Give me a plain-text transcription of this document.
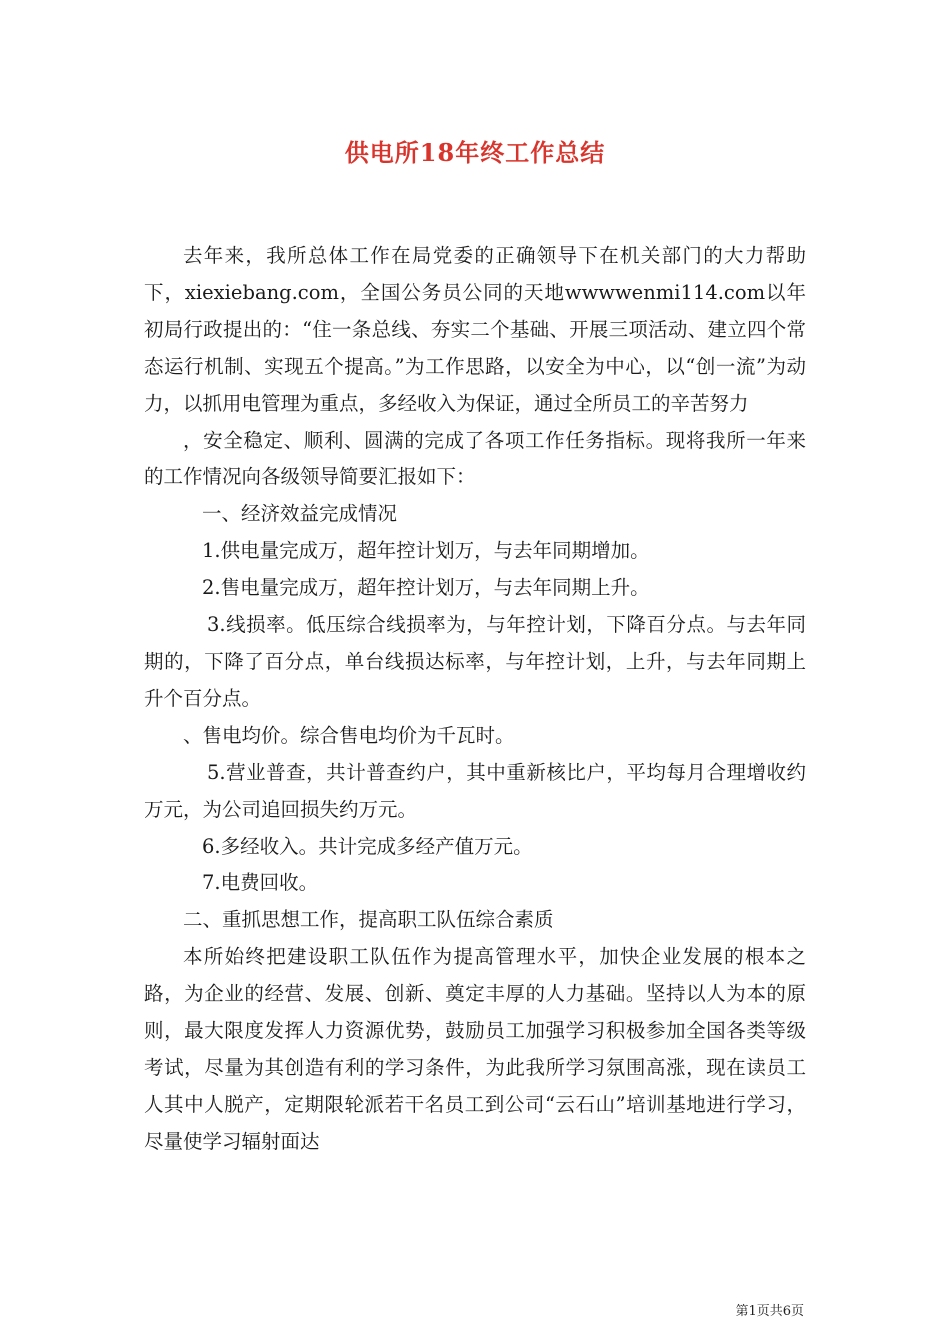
供电所18年终工作总结

去年来，我所总体工作在局党委的正确领导下在机关部门的大力帮助下，xiexiebang.com，全国公务员公同的天地wwwwenmi114.com以年初局行政提出的：“住一条总线、夯实二个基础、开展三项活动、建立四个常态运行机制、实现五个提高。”为工作思路，以安全为中心，以“创一流”为动力，以抓用电管理为重点，多经收入为保证，通过全所员工的辛苦努力

，安全稳定、顺利、圆满的完成了各项工作任务指标。现将我所一年来的工作情况向各级领导简要汇报如下：

一、经济效益完成情况

1.供电量完成万，超年控计划万，与去年同期增加。

2.售电量完成万，超年控计划万，与去年同期上升。

3.线损率。低压综合线损率为，与年控计划，下降百分点。与去年同期的，下降了百分点，单台线损达标率，与年控计划，上升，与去年同期上升个百分点。

、售电均价。综合售电均价为千瓦时。

5.营业普查，共计普查约户，其中重新核比户，平均每月合理增收约万元，为公司追回损失约万元。

6.多经收入。共计完成多经产值万元。

7.电费回收。

二、重抓思想工作，提高职工队伍综合素质

本所始终把建设职工队伍作为提高管理水平，加快企业发展的根本之路，为企业的经营、发展、创新、奠定丰厚的人力基础。坚持以人为本的原则，最大限度发挥人力资源优势，鼓励员工加强学习积极参加全国各类等级考试，尽量为其创造有利的学习条件，为此我所学习氛围高涨，现在读员工人其中人脱产，定期限轮派若干名员工到公司“云石山”培训基地进行学习，尽量使学习辐射面达

第1页共6页
